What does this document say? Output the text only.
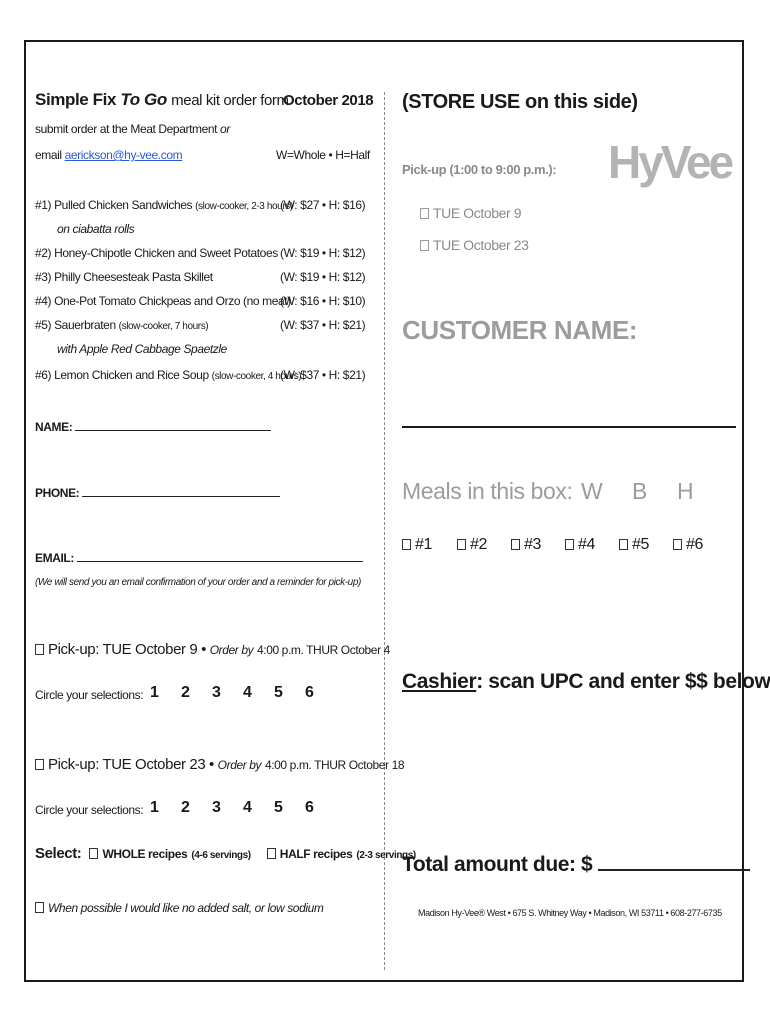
Simple Fix To Go meal kit order form
October 2018
submit order at the Meat Department or
email aerickson@hy-vee.com	W=Whole • H=Half
#1) Pulled Chicken Sandwiches (slow-cooker, 2-3 hours)
(W: $27 • H: $16)
on ciabatta rolls
#2) Honey-Chipotle Chicken and Sweet Potatoes (W: $19 • H: $12)
#3) Philly Cheesesteak Pasta Skillet	(W: $19 • H: $12)
#4) One-Pot Tomato Chickpeas and Orzo (no meat)
(W: $16 • H: $10)
#5) Sauerbraten (slow-cooker, 7 hours)	(W: $37 • H: $21)
with Apple Red Cabbage Spaetzle
#6) Lemon Chicken and Rice Soup (slow-cooker, 4 hours)
(W: $37 • H: $21)
NAME:
PHONE:
EMAIL:
(We will send you an email confirmation of your order and a reminder for pick-up)
Pick-up: TUE October 9 • Order by 4:00 p.m. THUR October 4
Circle your selections: 1 2 3 4 5 6
Pick-up: TUE October 23 • Order by 4:00 p.m. THUR October 18
Circle your selections: 1 2 3 4 5 6
Select: WHOLE recipes (4-6 servings) HALF recipes (2-3 servings)
When possible I would like no added salt, or low sodium
(STORE USE on this side)
Pick-up (1:00 to 9:00 p.m.): HyVee
TUE October 9
TUE October 23
CUSTOMER NAME:
Meals in this box: W B H
#1 #2 #3 #4 #5 #6
Cashier: scan UPC and enter $$ below
Total amount due: $
Madison Hy-Vee® West • 675 S. Whitney Way • Madison, WI 53711 • 608-277-6735
